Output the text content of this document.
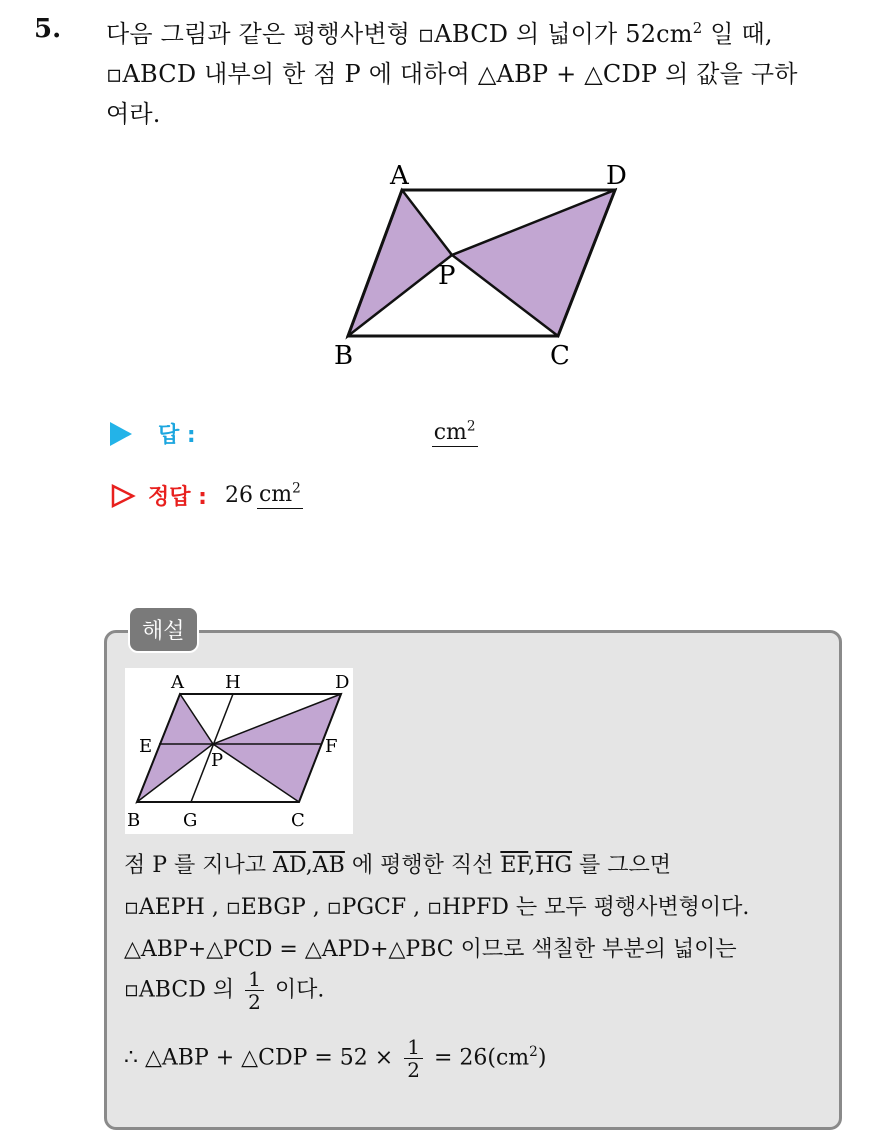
5. 다음 그림과 같은 평행사변형 ▫ABCD 의 넓이가 $52cm^2$ 일 때,
▫ABCD 내부의 한 점 P 에 대하여 △ABP + △CDP 의 값을 구하
여라.
A	D
P
B	C
답 :	$cm^2$
정답 : 26 $cm^2$
해설
A H	D
E	F
P
B G	C
점 P 를 지나고 $\overline{AD},\overline{AB}$ 에 평행한 직선 $\overline{EF},\overline{HG}$ 를 그으면
▫AEPH , ▫EBGP , ▫PGCF , ▫HPFD 는 모두 평행사변형이다.
△ABP+△PCD = △APD+△PBC 이므로 색칠한 부분의 넓이는
▫ABCD 의 $\frac{1}{2}$ 이다.
∴ △ABP + △CDP = $52 \times \frac{1}{2} = 26(cm^2)$
